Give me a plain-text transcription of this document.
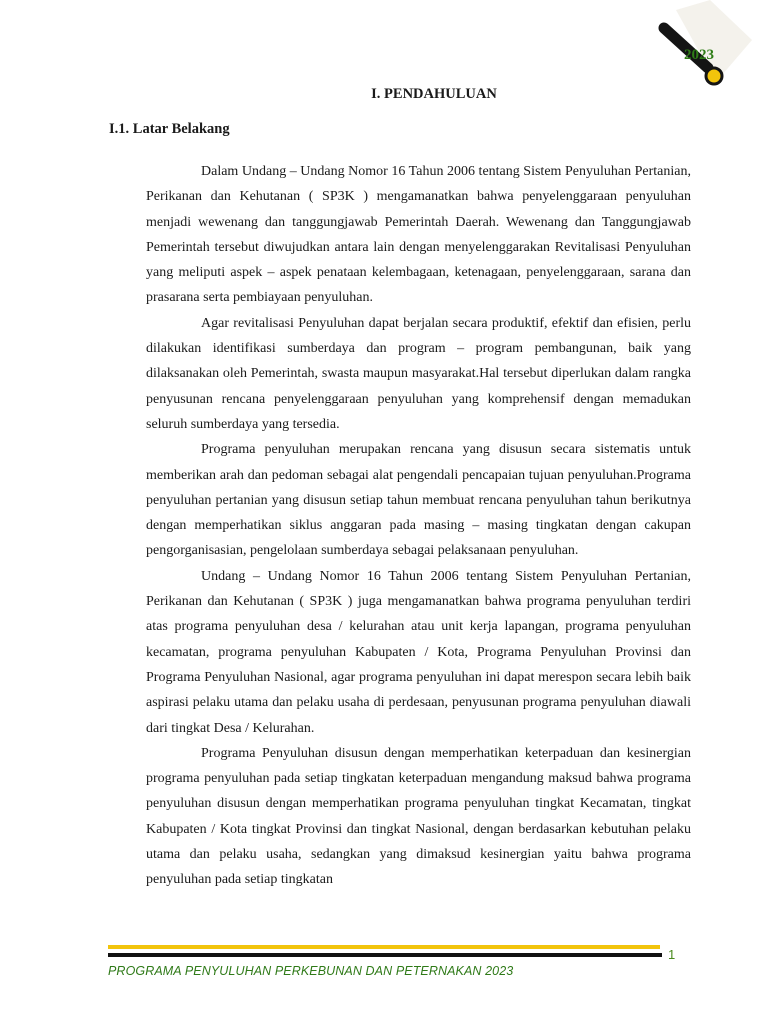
2023
I. PENDAHULUAN
I.1. Latar Belakang

Dalam Undang – Undang Nomor 16 Tahun 2006 tentang Sistem Penyuluhan Pertanian, Perikanan dan Kehutanan ( SP3K ) mengamanatkan bahwa penyelenggaraan penyuluhan menjadi wewenang dan tanggungjawab Pemerintah Daerah. Wewenang dan Tanggungjawab Pemerintah tersebut diwujudkan antara lain dengan menyelenggarakan Revitalisasi Penyuluhan yang meliputi aspek – aspek penataan kelembagaan, ketenagaan, penyelenggaraan, sarana dan prasarana serta pembiayaan penyuluhan.

Agar revitalisasi Penyuluhan dapat berjalan secara produktif, efektif dan efisien, perlu dilakukan identifikasi sumberdaya dan program – program pembangunan, baik yang dilaksanakan oleh Pemerintah, swasta maupun masyarakat.Hal tersebut diperlukan dalam rangka penyusunan rencana penyelenggaraan penyuluhan yang komprehensif dengan memadukan seluruh sumberdaya yang tersedia.

Programa penyuluhan merupakan rencana yang disusun secara sistematis untuk memberikan arah dan pedoman sebagai alat pengendali pencapaian tujuan penyuluhan.Programa penyuluhan pertanian yang disusun setiap tahun membuat rencana penyuluhan tahun berikutnya dengan memperhatikan siklus anggaran pada masing – masing tingkatan dengan cakupan pengorganisasian, pengelolaan sumberdaya sebagai pelaksanaan penyuluhan.

Undang – Undang Nomor 16 Tahun 2006 tentang Sistem Penyuluhan Pertanian, Perikanan dan Kehutanan ( SP3K ) juga mengamanatkan bahwa programa penyuluhan terdiri atas programa penyuluhan desa / kelurahan atau unit kerja lapangan, programa penyuluhan kecamatan, programa penyuluhan Kabupaten / Kota, Programa Penyuluhan Provinsi dan Programa Penyuluhan Nasional, agar programa penyuluhan ini dapat merespon secara lebih baik aspirasi pelaku utama dan pelaku usaha di perdesaan, penyusunan programa penyuluhan diawali dari tingkat Desa / Kelurahan.

Programa Penyuluhan disusun dengan memperhatikan keterpaduan dan kesinergian programa penyuluhan pada setiap tingkatan keterpaduan mengandung maksud bahwa programa penyuluhan disusun dengan memperhatikan programa penyuluhan tingkat Kecamatan, tingkat Kabupaten / Kota tingkat Provinsi dan tingkat Nasional, dengan berdasarkan kebutuhan pelaku utama dan pelaku usaha, sedangkan yang dimaksud kesinergian yaitu bahwa programa penyuluhan pada setiap tingkatan

1
PROGRAMA PENYULUHAN PERKEBUNAN DAN PETERNAKAN 2023
